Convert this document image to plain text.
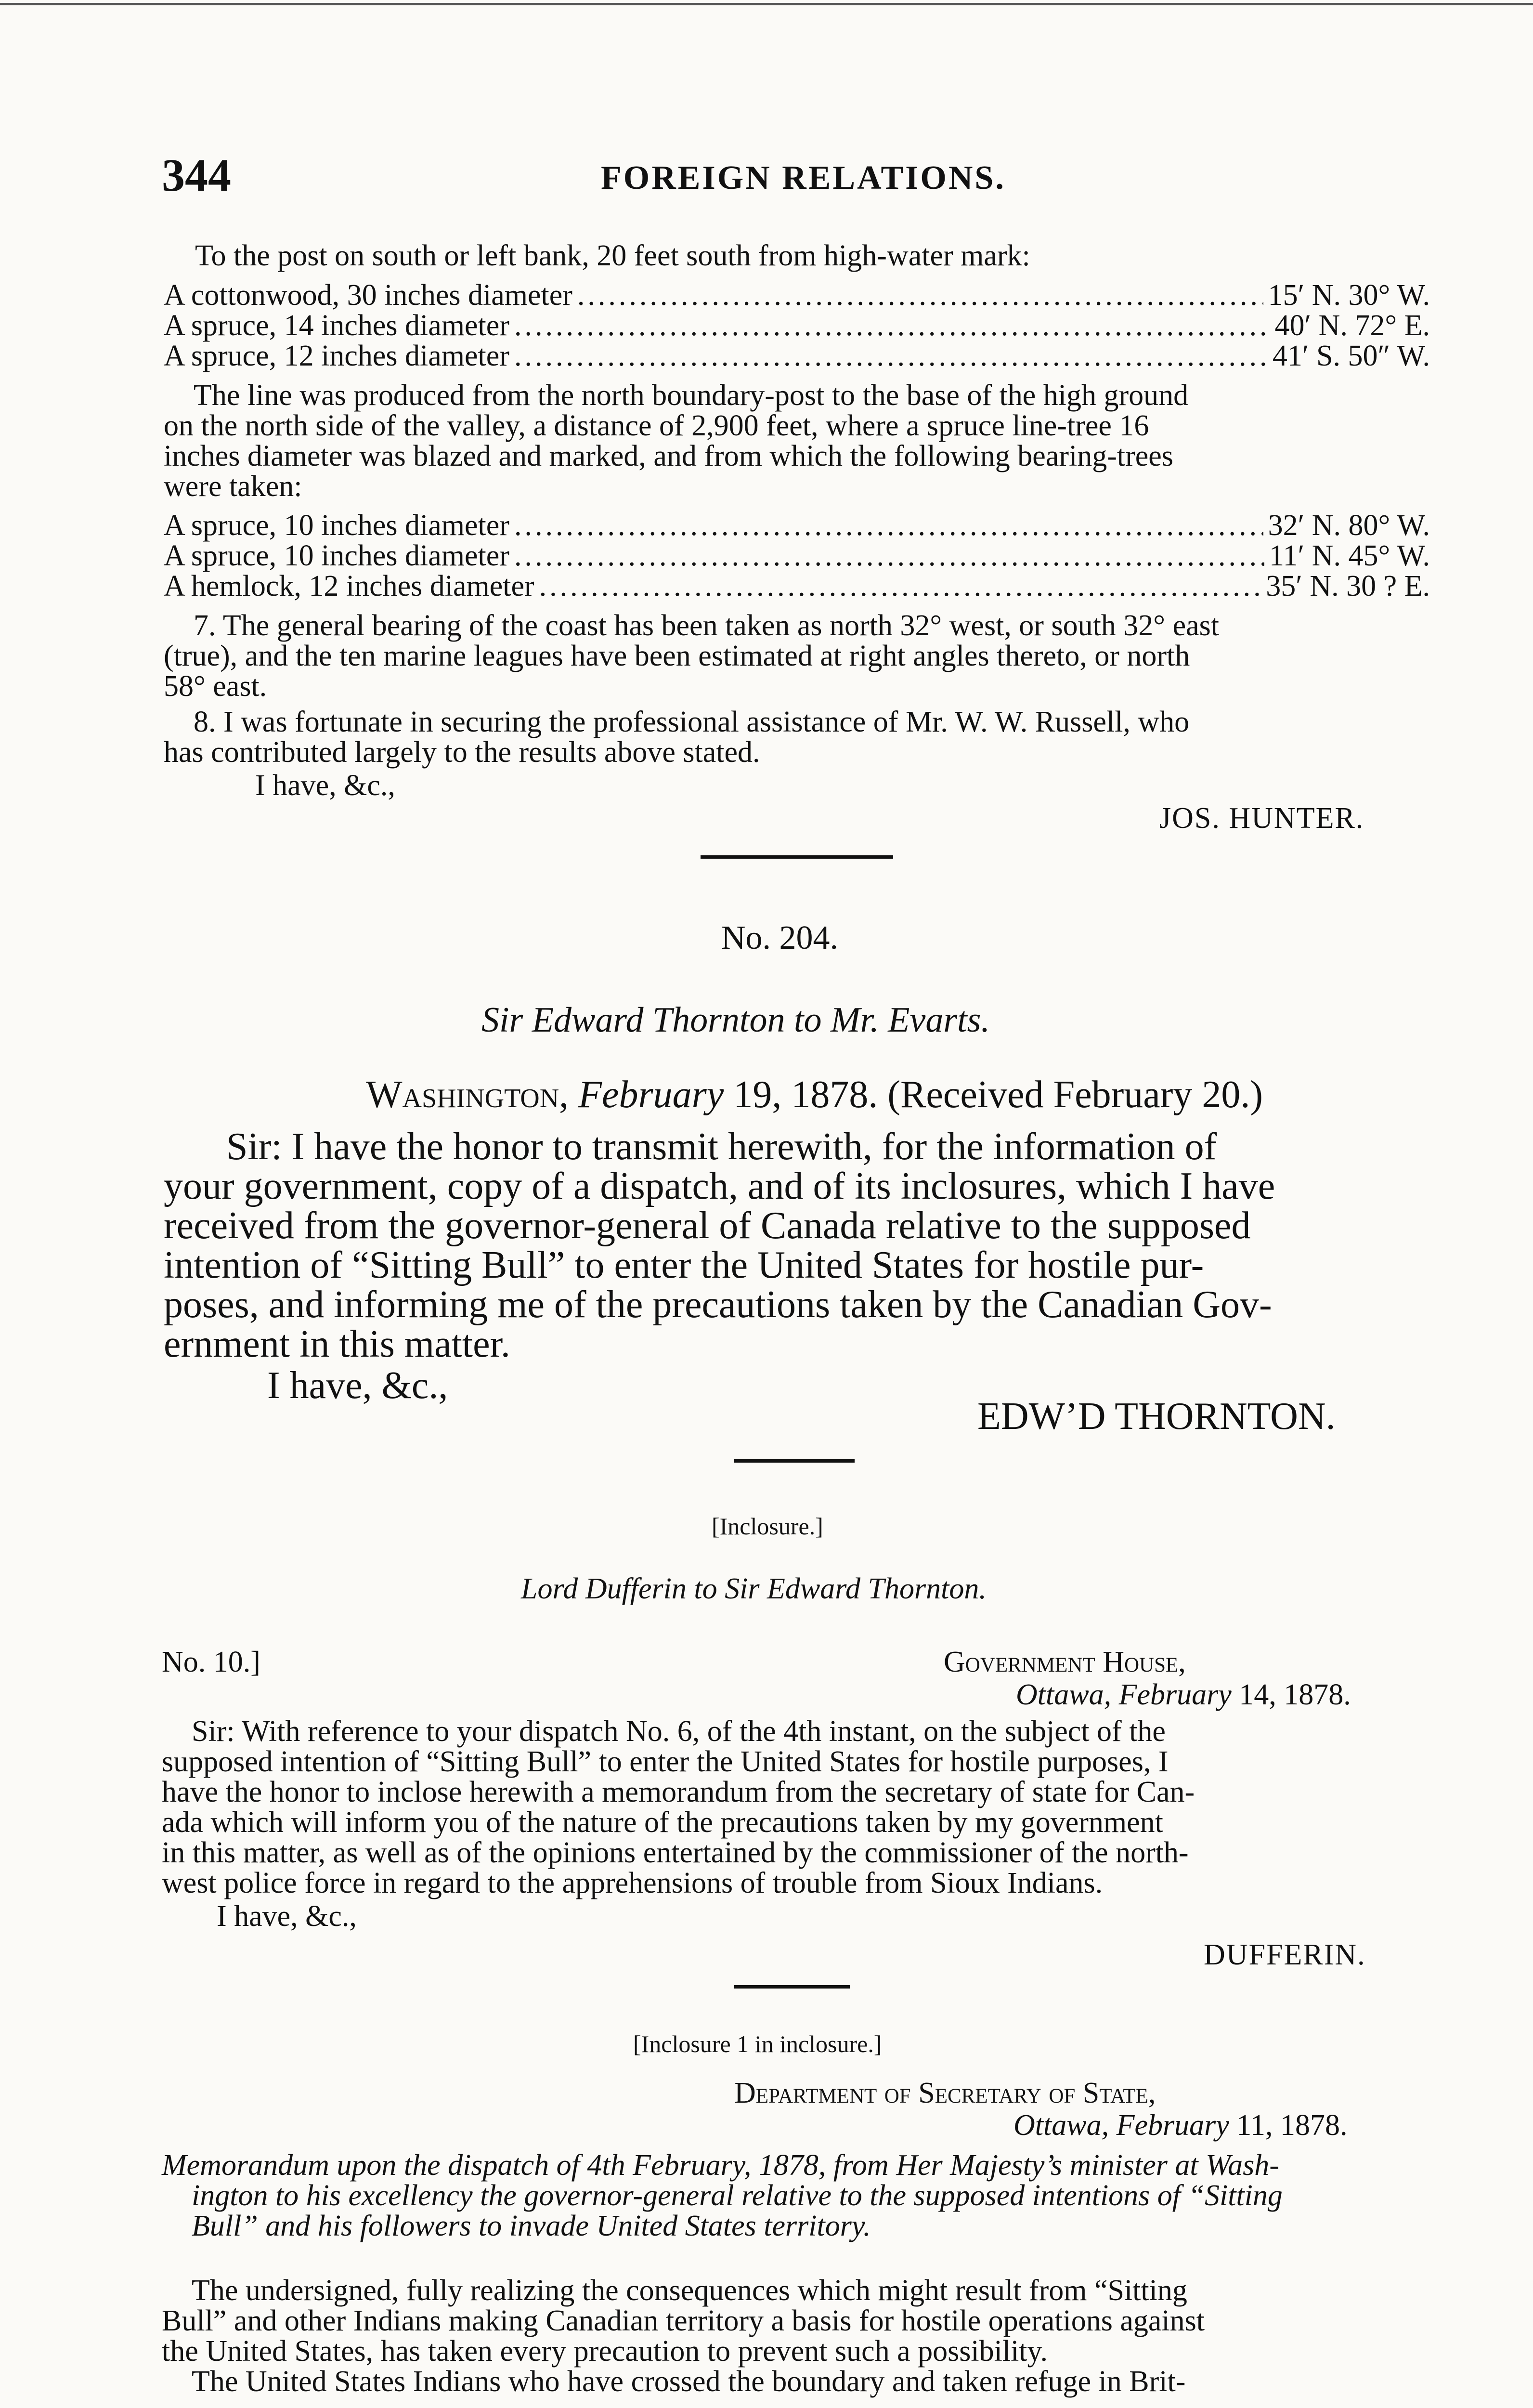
344	FOREIGN RELATIONS.
To the post on south or left bank, 20 feet south from high-water mark:
A cottonwood, 30 inches diameter .....	15′ N. 30° W.
A spruce, 14 inches diameter .....	40′ N. 72° E.
A spruce, 12 inches diameter .....	41′ S. 50″ W.
The line was produced from the north boundary-post to the base of the high ground
on the north side of the valley, a distance of 2,900 feet, where a spruce line-tree 16
inches diameter was blazed and marked, and from which the following bearing-trees
were taken:
A spruce, 10 inches diameter .....	32′ N. 80° W.
A spruce, 10 inches diameter .....	11′ N. 45° W.
A hemlock, 12 inches diameter .....	35′ N. 30 ? E.
7. The general bearing of the coast has been taken as north 32° west, or south 32° east
(true), and the ten marine leagues have been estimated at right angles thereto, or north
58° east.
8. I was fortunate in securing the professional assistance of Mr. W. W. Russell, who
has contributed largely to the results above stated.
I have, &c.,
JOS. HUNTER.
No. 204.
Sir Edward Thornton to Mr. Evarts.
Washington, February 19, 1878. (Received February 20.)
Sir: I have the honor to transmit herewith, for the information of
your government, copy of a dispatch, and of its inclosures, which I have
received from the governor-general of Canada relative to the supposed
intention of “Sitting Bull” to enter the United States for hostile pur-
poses, and informing me of the precautions taken by the Canadian Gov-
ernment in this matter.
I have, &c.,
EDW’D THORNTON.
[Inclosure.]
Lord Dufferin to Sir Edward Thornton.
No. 10.]	Government House,
Ottawa, February 14, 1878.
Sir: With reference to your dispatch No. 6, of the 4th instant, on the subject of the
supposed intention of “Sitting Bull” to enter the United States for hostile purposes, I
have the honor to inclose herewith a memorandum from the secretary of state for Can-
ada which will inform you of the nature of the precautions taken by my government
in this matter, as well as of the opinions entertained by the commissioner of the north-
west police force in regard to the apprehensions of trouble from Sioux Indians.
I have, &c.,
DUFFERIN.
[Inclosure 1 in inclosure.]
Department of Secretary of State,
Ottawa, February 11, 1878.
Memorandum upon the dispatch of 4th February, 1878, from Her Majesty’s minister at Wash-
ington to his excellency the governor-general relative to the supposed intentions of “Sitting
Bull” and his followers to invade United States territory.
The undersigned, fully realizing the consequences which might result from “Sitting
Bull” and other Indians making Canadian territory a basis for hostile operations against
the United States, has taken every precaution to prevent such a possibility.
The United States Indians who have crossed the boundary and taken refuge in Brit-
